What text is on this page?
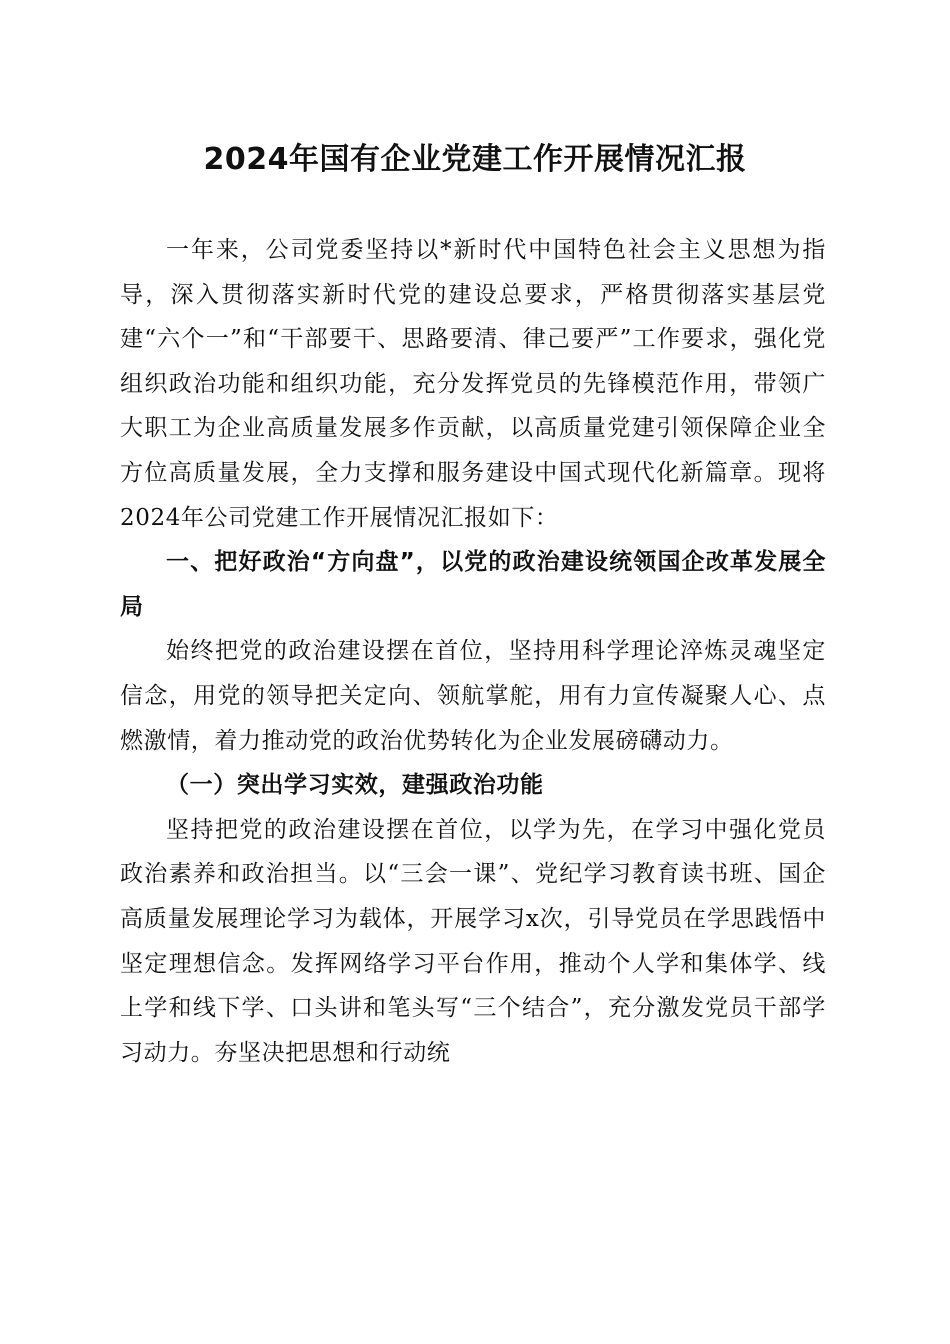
2024年国有企业党建工作开展情况汇报

一年来，公司党委坚持以*新时代中国特色社会主义思想为指导，深入贯彻落实新时代党的建设总要求，严格贯彻落实基层党建“六个一”和“干部要干、思路要清、律己要严”工作要求，强化党组织政治功能和组织功能，充分发挥党员的先锋模范作用，带领广大职工为企业高质量发展多作贡献，以高质量党建引领保障企业全方位高质量发展，全力支撑和服务建设中国式现代化新篇章。现将2024年公司党建工作开展情况汇报如下：

一、把好政治“方向盘”，以党的政治建设统领国企改革发展全局

始终把党的政治建设摆在首位，坚持用科学理论淬炼灵魂坚定信念，用党的领导把关定向、领航掌舵，用有力宣传凝聚人心、点燃激情，着力推动党的政治优势转化为企业发展磅礴动力。

（一）突出学习实效，建强政治功能

坚持把党的政治建设摆在首位，以学为先，在学习中强化党员政治素养和政治担当。以“三会一课”、党纪学习教育读书班、国企高质量发展理论学习为载体，开展学习x次，引导党员在学思践悟中坚定理想信念。发挥网络学习平台作用，推动个人学和集体学、线上学和线下学、口头讲和笔头写“三个结合”，充分激发党员干部学习动力。夯坚决把思想和行动统
